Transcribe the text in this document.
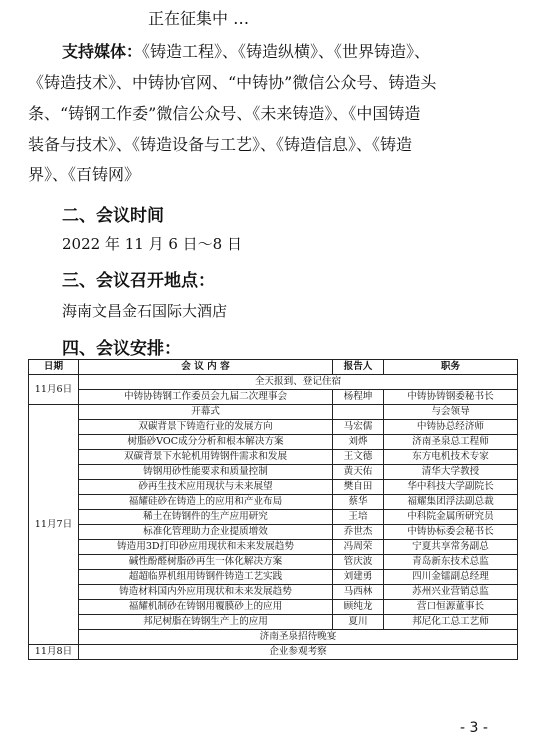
正在征集中 …
支持媒体：《铸造工程》、《铸造纵横》、《世界铸造》、
《铸造技术》、中铸协官网、“中铸协”微信公众号、铸造头
条、“铸钢工作委”微信公众号、《未来铸造》、《中国铸造
装备与技术》、《铸造设备与工艺》、《铸造信息》、《铸造
界》、《百铸网》
二、会议时间
2022 年 11 月 6 日～8 日
三、会议召开地点：
海南文昌金石国际大酒店
四、会议安排：
日期	会 议 内 容	报告人	职务
11月6日	全天报到、登记住宿		
	中铸协铸钢工作委员会九届二次理事会	杨程坤	中铸协铸钢委秘书长
11月7日	开幕式		与会领导
	双碳背景下铸造行业的发展方向	马宏儒	中铸协总经济师
	树脂砂VOC成分分析和根本解决方案	刘烨	济南圣泉总工程师
	双碳背景下水轮机用铸钢件需求和发展	王文德	东方电机技术专家
	铸钢用砂性能要求和质量控制	黄天佑	清华大学教授
	砂再生技术应用现状与未来展望	樊自田	华中科技大学副院长
	福耀硅砂在铸造上的应用和产业布局	蔡华	福耀集团浮法副总裁
	稀土在铸钢件的生产应用研究	王培	中科院金属所研究员
	标准化管理助力企业提质增效	乔世杰	中铸协标委会秘书长
	铸造用3D打印砂应用现状和未来发展趋势	冯周荣	宁夏共享常务副总
	碱性酚醛树脂砂再生一体化解决方案	管庆波	青岛新东技术总监
	超超临界机组用铸钢件铸造工艺实践	刘建勇	四川金镭副总经理
	铸造材料国内外应用现状和未来发展趋势	马西林	苏州兴业营销总监
	福耀机制砂在铸钢用覆膜砂上的应用	顾纯龙	营口恒源董事长
	邦尼树脂在铸钢生产上的应用	夏川	邦尼化工总工艺师
	济南圣泉招待晚宴		
11月8日	企业参观考察		
- 3 -
